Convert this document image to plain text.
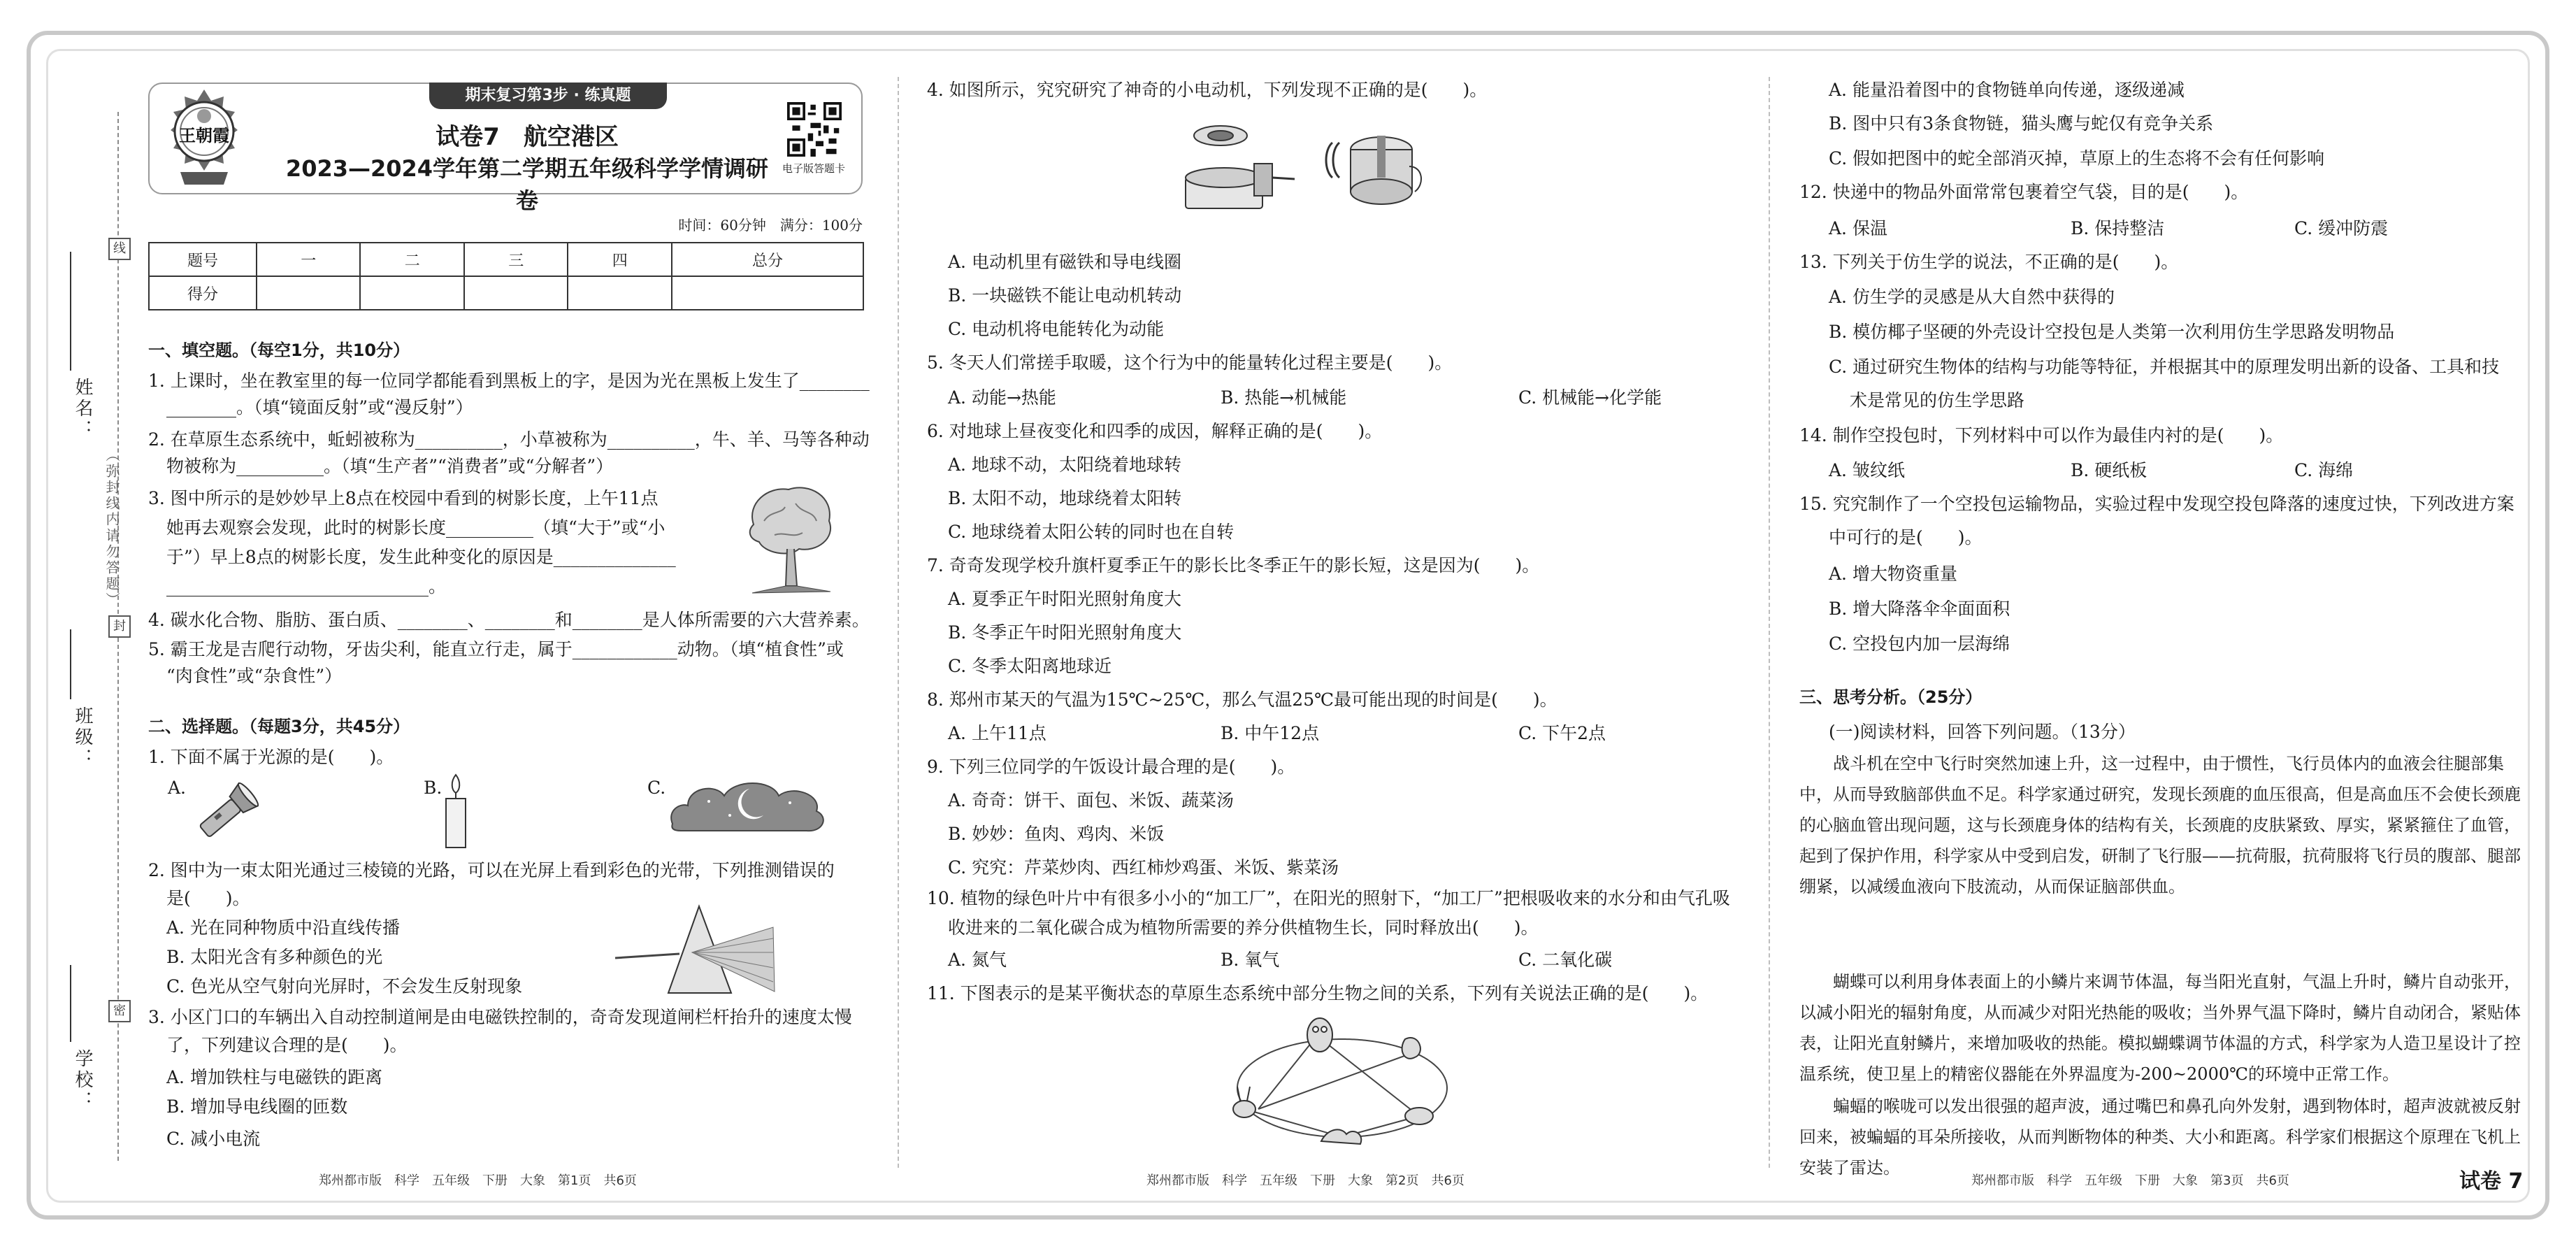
线
封
密
姓名：
班级：
学校：
（弥封线内请勿答题）
王朝霞
期末复习第3步 · 练真题
试卷7　航空港区
2023—2024学年第二学期五年级科学学情调研卷
电子版答题卡
时间：60分钟　满分：100分
题号	一	二	三	四	总分
得分					
一、填空题。（每空1分，共10分）
1. 上课时，坐在教室里的每一位同学都能看到黑板上的字，是因为光在黑板上发生了________
________。（填“镜面反射”或“漫反射”）
2. 在草原生态系统中，蚯蚓被称为__________，小草被称为__________，牛、羊、马等各种动
物被称为__________。（填“生产者”“消费者”或“分解者”）
3. 图中所示的是妙妙早上8点在校园中看到的树影长度，上午11点
她再去观察会发现，此时的树影长度__________（填“大于”或“小
于”）早上8点的树影长度，发生此种变化的原因是______________
______________________________。
4. 碳水化合物、脂肪、蛋白质、________、________和________是人体所需要的六大营养素。
5. 霸王龙是吉爬行动物，牙齿尖利，能直立行走，属于____________动物。（填“植食性”或
“肉食性”或“杂食性”）
二、选择题。（每题3分，共45分）
1. 下面不属于光源的是(　　)。
A.	B.	C.
2. 图中为一束太阳光通过三棱镜的光路，可以在光屏上看到彩色的光带，下列推测错误的
是(　　)。
A. 光在同种物质中沿直线传播
B. 太阳光含有多种颜色的光
C. 色光从空气射向光屏时，不会发生反射现象
3. 小区门口的车辆出入自动控制道闸是由电磁铁控制的，奇奇发现道闸栏杆抬升的速度太慢
了，下列建议合理的是(　　)。
A. 增加铁柱与电磁铁的距离
B. 增加导电线圈的匝数
C. 减小电流
4. 如图所示，究究研究了神奇的小电动机，下列发现不正确的是(　　)。
A. 电动机里有磁铁和导电线圈
B. 一块磁铁不能让电动机转动
C. 电动机将电能转化为动能
5. 冬天人们常搓手取暖，这个行为中的能量转化过程主要是(　　)。
A. 动能→热能	B. 热能→机械能	C. 机械能→化学能
6. 对地球上昼夜变化和四季的成因，解释正确的是(　　)。
A. 地球不动，太阳绕着地球转
B. 太阳不动，地球绕着太阳转
C. 地球绕着太阳公转的同时也在自转
7. 奇奇发现学校升旗杆夏季正午的影长比冬季正午的影长短，这是因为(　　)。
A. 夏季正午时阳光照射角度大
B. 冬季正午时阳光照射角度大
C. 冬季太阳离地球近
8. 郑州市某天的气温为15℃~25℃，那么气温25℃最可能出现的时间是(　　)。
A. 上午11点	B. 中午12点	C. 下午2点
9. 下列三位同学的午饭设计最合理的是(　　)。
A. 奇奇：饼干、面包、米饭、蔬菜汤
B. 妙妙：鱼肉、鸡肉、米饭
C. 究究：芹菜炒肉、西红柿炒鸡蛋、米饭、紫菜汤
10. 植物的绿色叶片中有很多小小的“加工厂”，在阳光的照射下，“加工厂”把根吸收来的水分和由气孔吸
收进来的二氧化碳合成为植物所需要的养分供植物生长，同时释放出(　　)。
A. 氮气	B. 氧气	C. 二氧化碳
11. 下图表示的是某平衡状态的草原生态系统中部分生物之间的关系，下列有关说法正确的是(　　)。
A. 能量沿着图中的食物链单向传递，逐级递减
B. 图中只有3条食物链，猫头鹰与蛇仅有竞争关系
C. 假如把图中的蛇全部消灭掉，草原上的生态将不会有任何影响
12. 快递中的物品外面常常包裹着空气袋，目的是(　　)。
A. 保温	B. 保持整洁	C. 缓冲防震
13. 下列关于仿生学的说法，不正确的是(　　)。
A. 仿生学的灵感是从大自然中获得的
B. 模仿椰子坚硬的外壳设计空投包是人类第一次利用仿生学思路发明物品
C. 通过研究生物体的结构与功能等特征，并根据其中的原理发明出新的设备、工具和技
术是常见的仿生学思路
14. 制作空投包时，下列材料中可以作为最佳内衬的是(　　)。
A. 皱纹纸	B. 硬纸板	C. 海绵
15. 究究制作了一个空投包运输物品，实验过程中发现空投包降落的速度过快，下列改进方案
中可行的是(　　)。
A. 增大物资重量
B. 增大降落伞伞面面积
C. 空投包内加一层海绵
三、思考分析。（25分）
(一)阅读材料，回答下列问题。（13分）
战斗机在空中飞行时突然加速上升，这一过程中，由于惯性，飞行员体内的血液会往腿部集中，从而导致脑部供血不足。科学家通过研究，发现长颈鹿的血压很高，但是高血压不会使长颈鹿的心脑血管出现问题，这与长颈鹿身体的结构有关，长颈鹿的皮肤紧致、厚实，紧紧箍住了血管，起到了保护作用，科学家从中受到启发，研制了飞行服——抗荷服，抗荷服将飞行员的腹部、腿部绷紧，以减缓血液向下肢流动，从而保证脑部供血。
蝴蝶可以利用身体表面上的小鳞片来调节体温，每当阳光直射，气温上升时，鳞片自动张开，以减小阳光的辐射角度，从而减少对阳光热能的吸收；当外界气温下降时，鳞片自动闭合，紧贴体表，让阳光直射鳞片，来增加吸收的热能。模拟蝴蝶调节体温的方式，科学家为人造卫星设计了控温系统，使卫星上的精密仪器能在外界温度为-200~2000℃的环境中正常工作。
蝙蝠的喉咙可以发出很强的超声波，通过嘴巴和鼻孔向外发射，遇到物体时，超声波就被反射回来，被蝙蝠的耳朵所接收，从而判断物体的种类、大小和距离。科学家们根据这个原理在飞机上安装了雷达。
郑州都市版　科学　五年级　下册　大象　第1页　共6页	郑州都市版　科学　五年级　下册　大象　第2页　共6页	郑州都市版　科学　五年级　下册　大象　第3页　共6页	试卷 7
